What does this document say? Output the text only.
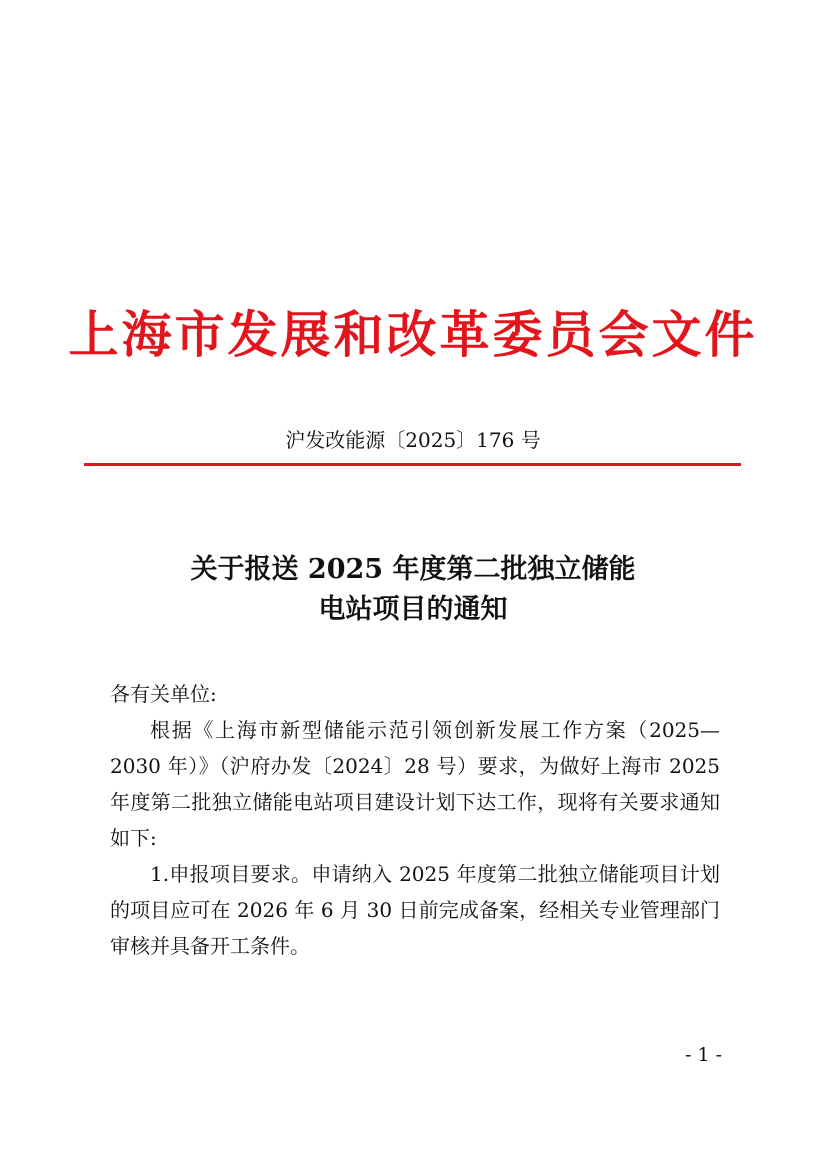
上海市发展和改革委员会文件
沪发改能源〔2025〕176 号
关于报送 2025 年度第二批独立储能
电站项目的通知

各有关单位:

根据《上海市新型储能示范引领创新发展工作方案（2025—2030 年）》（沪府办发〔2024〕28 号）要求，为做好上海市 2025 年度第二批独立储能电站项目建设计划下达工作，现将有关要求通知如下:

1.申报项目要求。申请纳入 2025 年度第二批独立储能项目计划的项目应可在 2026 年 6 月 30 日前完成备案，经相关专业管理部门审核并具备开工条件。

- 1 -
